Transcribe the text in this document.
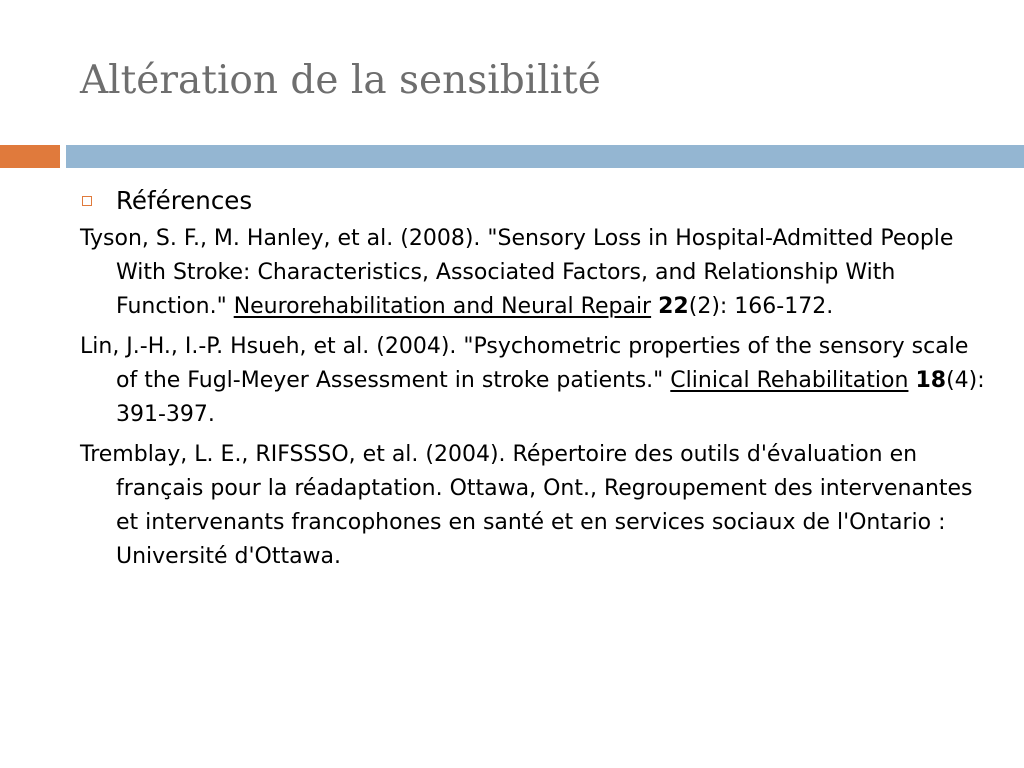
Altération de la sensibilité
Références

Tyson, S. F., M. Hanley, et al. (2008). "Sensory Loss in Hospital-Admitted People With Stroke: Characteristics, Associated Factors, and Relationship With Function." Neurorehabilitation and Neural Repair 22(2): 166-172.

Lin, J.-H., I.-P. Hsueh, et al. (2004). "Psychometric properties of the sensory scale of the Fugl-Meyer Assessment in stroke patients." Clinical Rehabilitation 18(4): 391-397.

Tremblay, L. E., RIFSSSO, et al. (2004). Répertoire des outils d'évaluation en français pour la réadaptation. Ottawa, Ont., Regroupement des intervenantes et intervenants francophones en santé et en services sociaux de l'Ontario : Université d'Ottawa.
